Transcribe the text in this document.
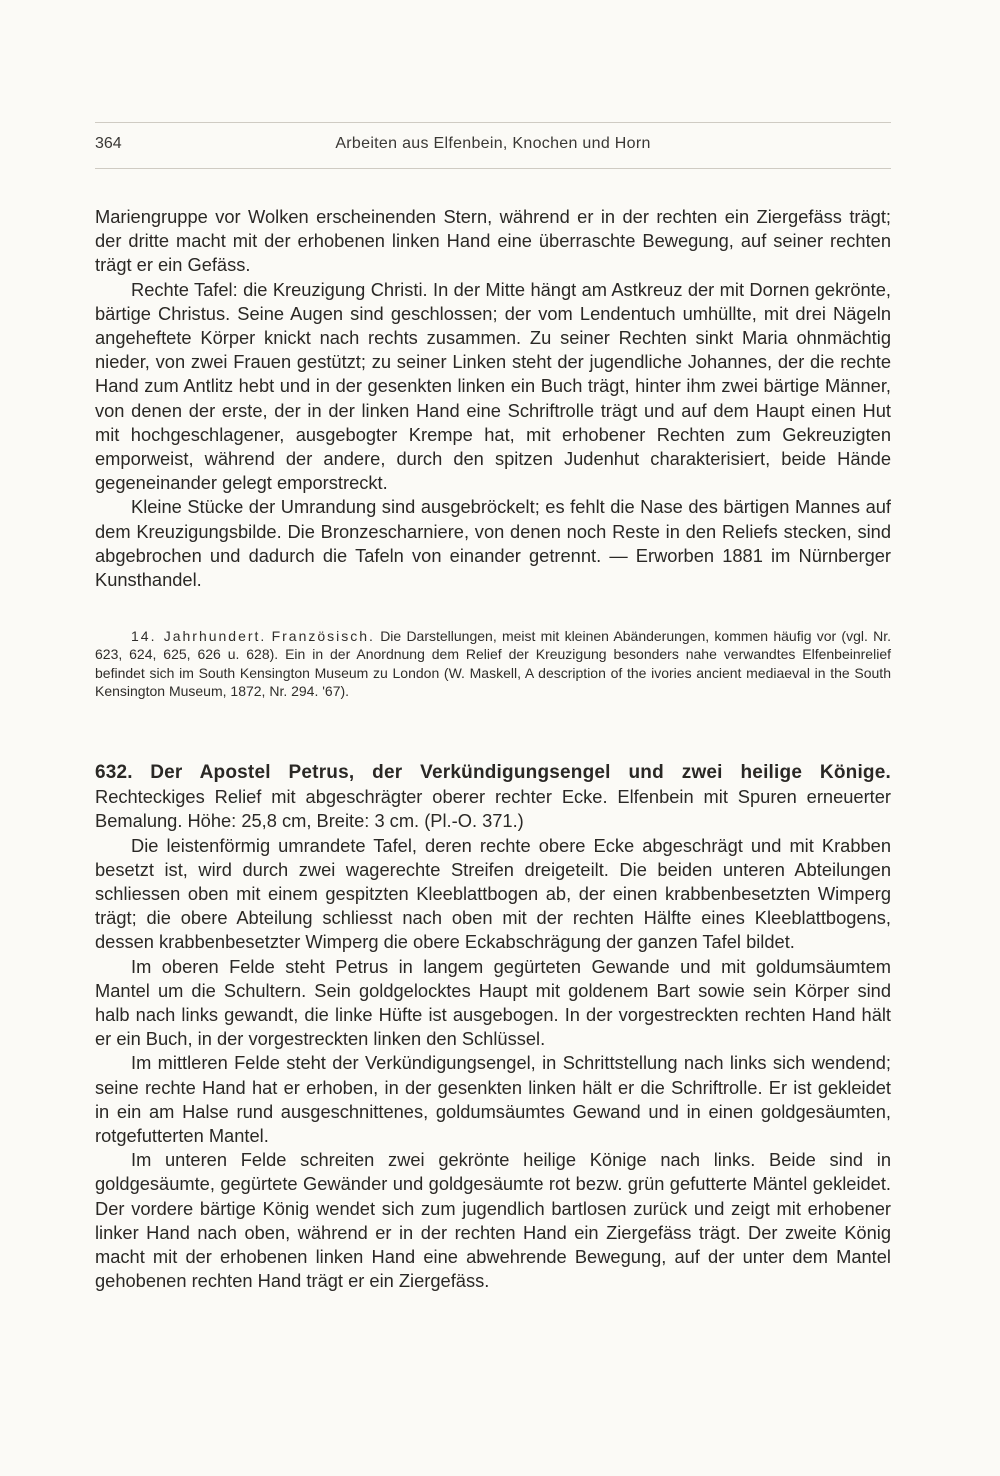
364	Arbeiten aus Elfenbein, Knochen und Horn

Mariengruppe vor Wolken erscheinenden Stern, während er in der rechten ein Ziergefäss trägt; der dritte macht mit der erhobenen linken Hand eine überraschte Bewegung, auf seiner rechten trägt er ein Gefäss.

Rechte Tafel: die Kreuzigung Christi. In der Mitte hängt am Astkreuz der mit Dornen gekrönte, bärtige Christus. Seine Augen sind geschlossen; der vom Lendentuch umhüllte, mit drei Nägeln angeheftete Körper knickt nach rechts zusammen. Zu seiner Rechten sinkt Maria ohnmächtig nieder, von zwei Frauen gestützt; zu seiner Linken steht der jugendliche Johannes, der die rechte Hand zum Antlitz hebt und in der gesenkten linken ein Buch trägt, hinter ihm zwei bärtige Männer, von denen der erste, der in der linken Hand eine Schriftrolle trägt und auf dem Haupt einen Hut mit hochgeschlagener, ausgebogter Krempe hat, mit erhobener Rechten zum Gekreuzigten emporweist, während der andere, durch den spitzen Judenhut charakterisiert, beide Hände gegeneinander gelegt emporstreckt.

Kleine Stücke der Umrandung sind ausgebröckelt; es fehlt die Nase des bärtigen Mannes auf dem Kreuzigungsbilde. Die Bronzescharniere, von denen noch Reste in den Reliefs stecken, sind abgebrochen und dadurch die Tafeln von einander getrennt. — Erworben 1881 im Nürnberger Kunsthandel.

14. Jahrhundert. Französisch. Die Darstellungen, meist mit kleinen Abänderungen, kommen häufig vor (vgl. Nr. 623, 624, 625, 626 u. 628). Ein in der Anordnung dem Relief der Kreuzigung besonders nahe verwandtes Elfenbeinrelief befindet sich im South Kensington Museum zu London (W. Maskell, A description of the ivories ancient mediaeval in the South Kensington Museum, 1872, Nr. 294. '67).

632. Der Apostel Petrus, der Verkündigungsengel und zwei heilige Könige. Rechteckiges Relief mit abgeschrägter oberer rechter Ecke. Elfenbein mit Spuren erneuerter Bemalung. Höhe: 25,8 cm, Breite: 3 cm. (Pl.-O. 371.)

Die leistenförmig umrandete Tafel, deren rechte obere Ecke abgeschrägt und mit Krabben besetzt ist, wird durch zwei wagerechte Streifen dreigeteilt. Die beiden unteren Abteilungen schliessen oben mit einem gespitzten Kleeblattbogen ab, der einen krabbenbesetzten Wimperg trägt; die obere Abteilung schliesst nach oben mit der rechten Hälfte eines Kleeblattbogens, dessen krabbenbesetzter Wimperg die obere Eckabschrägung der ganzen Tafel bildet.

Im oberen Felde steht Petrus in langem gegürteten Gewande und mit goldumsäumtem Mantel um die Schultern. Sein goldgelocktes Haupt mit goldenem Bart sowie sein Körper sind halb nach links gewandt, die linke Hüfte ist ausgebogen. In der vorgestreckten rechten Hand hält er ein Buch, in der vorgestreckten linken den Schlüssel.

Im mittleren Felde steht der Verkündigungsengel, in Schrittstellung nach links sich wendend; seine rechte Hand hat er erhoben, in der gesenkten linken hält er die Schriftrolle. Er ist gekleidet in ein am Halse rund ausgeschnittenes, goldumsäumtes Gewand und in einen goldgesäumten, rotgefutterten Mantel.

Im unteren Felde schreiten zwei gekrönte heilige Könige nach links. Beide sind in goldgesäumte, gegürtete Gewänder und goldgesäumte rot bezw. grün gefutterte Mäntel gekleidet. Der vordere bärtige König wendet sich zum jugendlich bartlosen zurück und zeigt mit erhobener linker Hand nach oben, während er in der rechten Hand ein Ziergefäss trägt. Der zweite König macht mit der erhobenen linken Hand eine abwehrende Bewegung, auf der unter dem Mantel gehobenen rechten Hand trägt er ein Ziergefäss.
